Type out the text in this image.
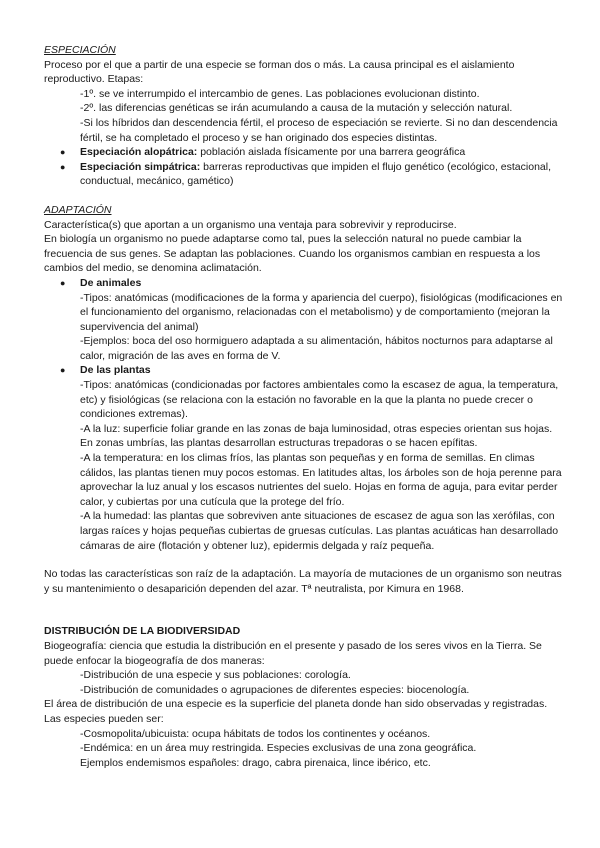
ESPECIACIÓN

Proceso por el que a partir de una especie se forman dos o más. La causa principal es el aislamiento reproductivo. Etapas:

-1º. se ve interrumpido el intercambio de genes. Las poblaciones evolucionan distinto.

-2º. las diferencias genéticas se irán acumulando a causa de la mutación y selección natural.

-Si los híbridos dan descendencia fértil, el proceso de especiación se revierte. Si no dan descendencia fértil, se ha completado el proceso y se han originado dos especies distintas.

● Especiación alopátrica: población aislada físicamente por una barrera geográfica
● Especiación simpátrica: barreras reproductivas que impiden el flujo genético (ecológico, estacional, conductual, mecánico, gamético)

ADAPTACIÓN

Característica(s) que aportan a un organismo una ventaja para sobrevivir y reproducirse.

En biología un organismo no puede adaptarse como tal, pues la selección natural no puede cambiar la frecuencia de sus genes. Se adaptan las poblaciones. Cuando los organismos cambian en respuesta a los cambios del medio, se denomina aclimatación.

● De animales

-Tipos: anatómicas (modificaciones de la forma y apariencia del cuerpo), fisiológicas (modificaciones en el funcionamiento del organismo, relacionadas con el metabolismo) y de comportamiento (mejoran la supervivencia del animal)

-Ejemplos: boca del oso hormiguero adaptada a su alimentación, hábitos nocturnos para adaptarse al calor, migración de las aves en forma de V.

● De las plantas

-Tipos: anatómicas (condicionadas por factores ambientales como la escasez de agua, la temperatura, etc) y fisiológicas (se relaciona con la estación no favorable en la que la planta no puede crecer o condiciones extremas).

-A la luz: superficie foliar grande en las zonas de baja luminosidad, otras especies orientan sus hojas. En zonas umbrías, las plantas desarrollan estructuras trepadoras o se hacen epífitas.

-A la temperatura: en los climas fríos, las plantas son pequeñas y en forma de semillas. En climas cálidos, las plantas tienen muy pocos estomas. En latitudes altas, los árboles son de hoja perenne para aprovechar la luz anual y los escasos nutrientes del suelo. Hojas en forma de aguja, para evitar perder calor, y cubiertas por una cutícula que la protege del frío.

-A la humedad: las plantas que sobreviven ante situaciones de escasez de agua son las xerófilas, con largas raíces y hojas pequeñas cubiertas de gruesas cutículas. Las plantas acuáticas han desarrollado cámaras de aire (flotación y obtener luz), epidermis delgada y raíz pequeña.

No todas las características son raíz de la adaptación. La mayoría de mutaciones de un organismo son neutras y su mantenimiento o desaparición dependen del azar. Tª neutralista, por Kimura en 1968.

DISTRIBUCIÓN DE LA BIODIVERSIDAD

Biogeografía: ciencia que estudia la distribución en el presente y pasado de los seres vivos en la Tierra. Se puede enfocar la biogeografía de dos maneras:

-Distribución de una especie y sus poblaciones: corología.

-Distribución de comunidades o agrupaciones de diferentes especies: biocenología.

El área de distribución de una especie es la superficie del planeta donde han sido observadas y registradas. Las especies pueden ser:

-Cosmopolita/ubicuista: ocupa hábitats de todos los continentes y océanos.

-Endémica: en un área muy restringida. Especies exclusivas de una zona geográfica.

Ejemplos endemismos españoles: drago, cabra pirenaica, lince ibérico, etc.
